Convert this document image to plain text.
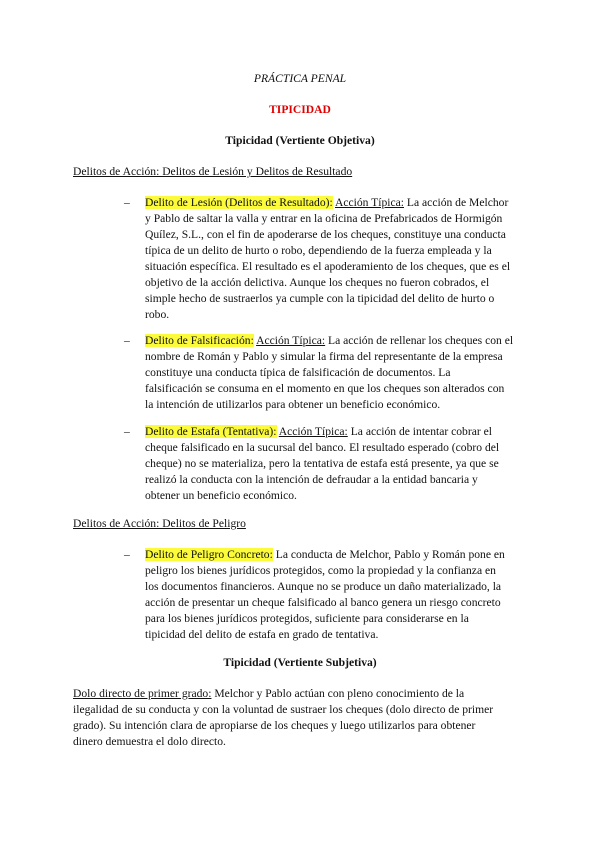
PRÁCTICA PENAL
TIPICIDAD
Tipicidad (Vertiente Objetiva)
Delitos de Acción: Delitos de Lesión y Delitos de Resultado
– Delito de Lesión (Delitos de Resultado): Acción Típica: La acción de Melchor
y Pablo de saltar la valla y entrar en la oficina de Prefabricados de Hormigón
Quílez, S.L., con el fin de apoderarse de los cheques, constituye una conducta
típica de un delito de hurto o robo, dependiendo de la fuerza empleada y la
situación específica. El resultado es el apoderamiento de los cheques, que es el
objetivo de la acción delictiva. Aunque los cheques no fueron cobrados, el
simple hecho de sustraerlos ya cumple con la tipicidad del delito de hurto o
robo.
– Delito de Falsificación: Acción Típica: La acción de rellenar los cheques con el
nombre de Román y Pablo y simular la firma del representante de la empresa
constituye una conducta típica de falsificación de documentos. La
falsificación se consuma en el momento en que los cheques son alterados con
la intención de utilizarlos para obtener un beneficio económico.
– Delito de Estafa (Tentativa): Acción Típica: La acción de intentar cobrar el
cheque falsificado en la sucursal del banco. El resultado esperado (cobro del
cheque) no se materializa, pero la tentativa de estafa está presente, ya que se
realizó la conducta con la intención de defraudar a la entidad bancaria y
obtener un beneficio económico.
Delitos de Acción: Delitos de Peligro
– Delito de Peligro Concreto: La conducta de Melchor, Pablo y Román pone en
peligro los bienes jurídicos protegidos, como la propiedad y la confianza en
los documentos financieros. Aunque no se produce un daño materializado, la
acción de presentar un cheque falsificado al banco genera un riesgo concreto
para los bienes jurídicos protegidos, suficiente para considerarse en la
tipicidad del delito de estafa en grado de tentativa.
Tipicidad (Vertiente Subjetiva)
Dolo directo de primer grado: Melchor y Pablo actúan con pleno conocimiento de la
ilegalidad de su conducta y con la voluntad de sustraer los cheques (dolo directo de primer
grado). Su intención clara de apropiarse de los cheques y luego utilizarlos para obtener
dinero demuestra el dolo directo.
